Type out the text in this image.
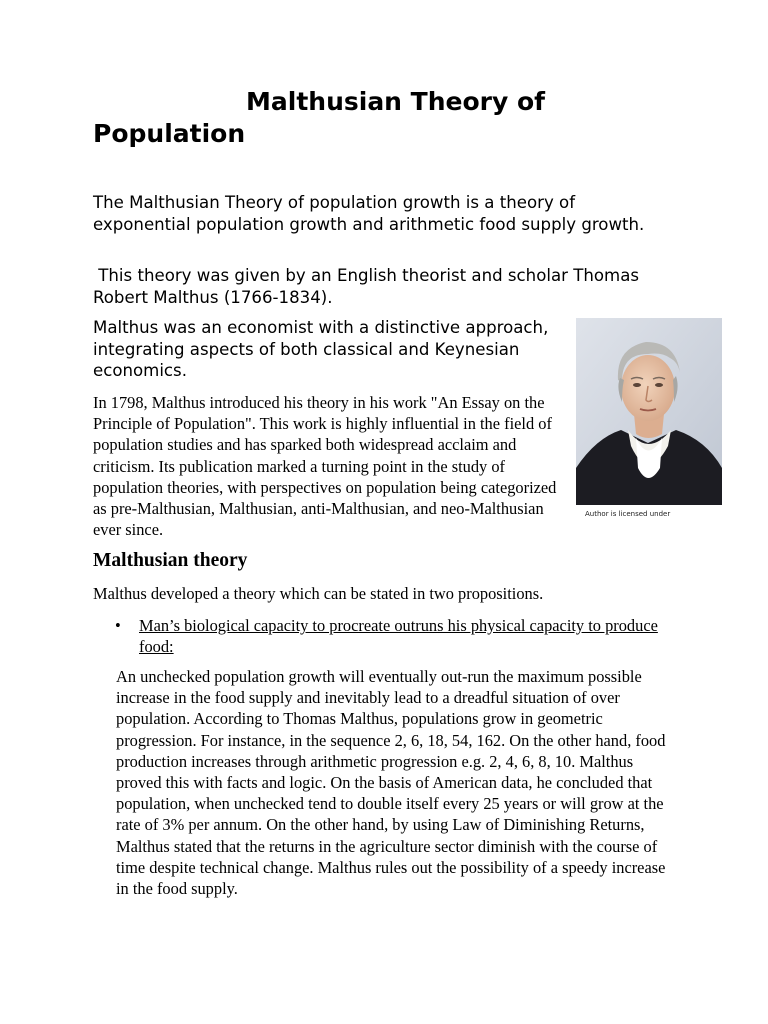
Malthusian Theory of Population

The Malthusian Theory of population growth is a theory of exponential population growth and arithmetic food supply growth.

This theory was given by an English theorist and scholar Thomas Robert Malthus (1766-1834).

Malthus was an economist with a distinctive approach, integrating aspects of both classical and Keynesian economics.

In 1798, Malthus introduced his theory in his work "An Essay on the Principle of Population". This work is highly influential in the field of population studies and has sparked both widespread acclaim and criticism. Its publication marked a turning point in the study of population theories, with perspectives on population being categorized as pre-Malthusian, Malthusian, anti-Malthusian, and neo-Malthusian ever since.

Author is licensed under
Malthusian theory

Malthus developed a theory which can be stated in two propositions.

•	Man’s biological capacity to procreate outruns his physical capacity to produce food:

An unchecked population growth will eventually out-run the maximum possible increase in the food supply and inevitably lead to a dreadful situation of over population. According to Thomas Malthus, populations grow in geometric progression. For instance, in the sequence 2, 6, 18, 54, 162. On the other hand, food production increases through arithmetic progression e.g. 2, 4, 6, 8, 10. Malthus proved this with facts and logic. On the basis of American data, he concluded that population, when unchecked tend to double itself every 25 years or will grow at the rate of 3% per annum. On the other hand, by using Law of Diminishing Returns, Malthus stated that the returns in the agriculture sector diminish with the course of time despite technical change. Malthus rules out the possibility of a speedy increase in the food supply.
